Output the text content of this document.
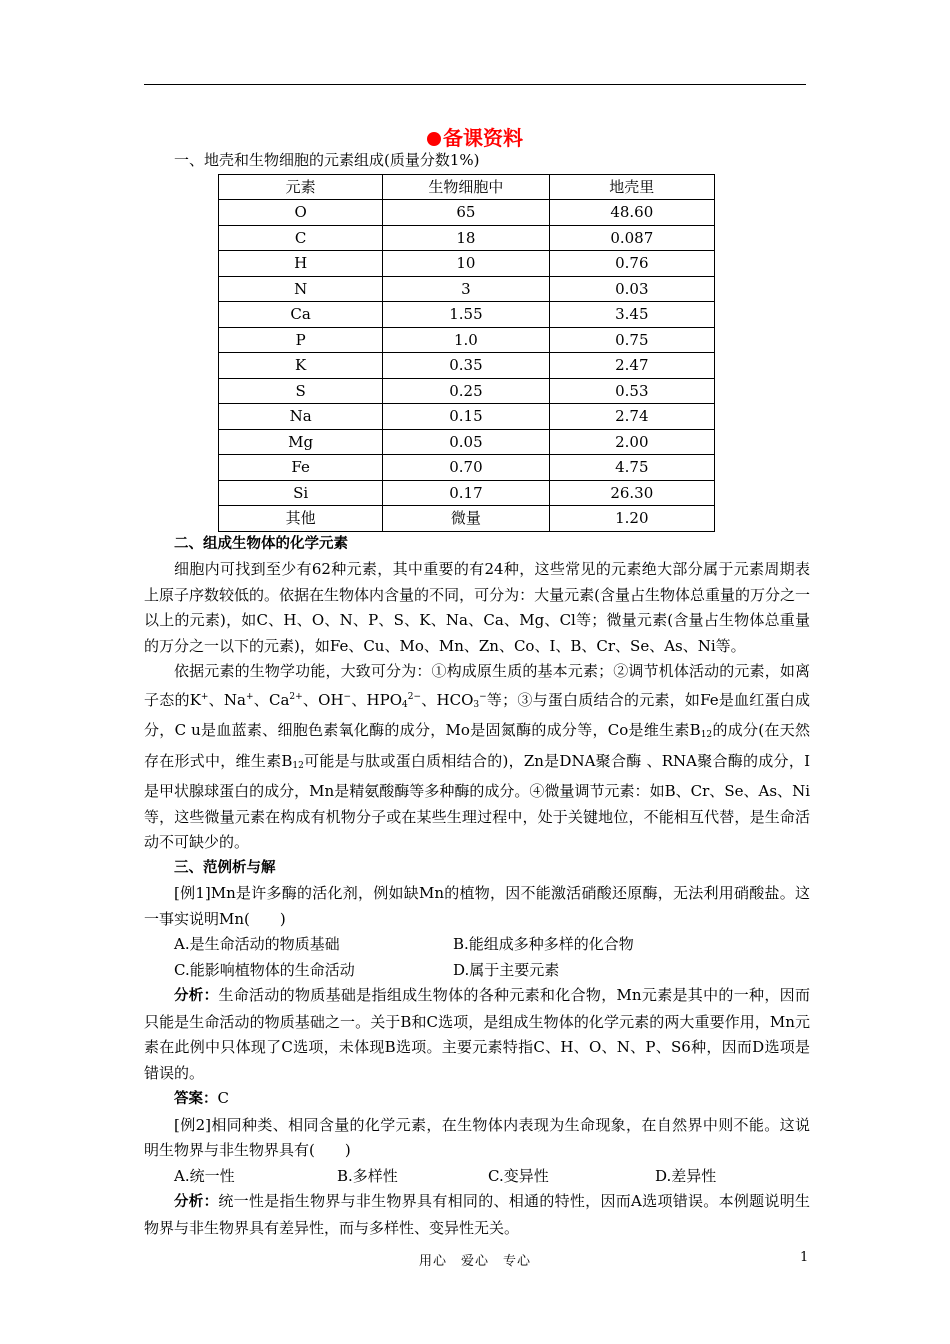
备课资料

一、地壳和生物细胞的元素组成(质量分数1%)

元素	生物细胞中	地壳里
O	65	48.60
C	18	0.087
H	10	0.76
N	3	0.03
Ca	1.55	3.45
P	1.0	0.75
K	0.35	2.47
S	0.25	0.53
Na	0.15	2.74
Mg	0.05	2.00
Fe	0.70	4.75
Si	0.17	26.30
其他	微量	1.20

二、组成生物体的化学元素

细胞内可找到至少有62种元素，其中重要的有24种，这些常见的元素绝大部分属于元素周期表上原子序数较低的。依据在生物体内含量的不同，可分为：大量元素(含量占生物体总重量的万分之一以上的元素)，如C、H、O、N、P、S、K、Na、Ca、Mg、Cl等；微量元素(含量占生物体总重量的万分之一以下的元素)，如Fe、Cu、Mo、Mn、Zn、Co、I、B、Cr、Se、As、Ni等。

依据元素的生物学功能，大致可分为：①构成原生质的基本元素；②调节机体活动的元素，如离子态的K+、Na+、$Ca^{2+}$、OH−、$HPO_4^{2-}$、$HCO_3^-$等；③与蛋白质结合的元素，如Fe是血红蛋白成分，C u是血蓝素、细胞色素氧化酶的成分，Mo是固氮酶的成分等，Co是维生素$B_{12}$的成分(在天然存在形式中，维生素$B_{12}$可能是与肽或蛋白质相结合的)，Zn是DNA聚合酶 、RNA聚合酶的成分，I是甲状腺球蛋白的成分，Mn是精氨酸酶等多种酶的成分。④微量调节元素：如B、Cr、Se、As、Ni等，这些微量元素在构成有机物分子或在某些生理过程中，处于关键地位，不能相互代替，是生命活动不可缺少的。

三、范例析与解

[例1]Mn是许多酶的活化剂，例如缺Mn的植物，因不能激活硝酸还原酶，无法利用硝酸盐。这一事实说明Mn(　　)

A.是生命活动的物质基础	B.能组成多种多样的化合物
C.能影响植物体的生命活动	D.属于主要元素

分析：生命活动的物质基础是指组成生物体的各种元素和化合物，Mn元素是其中的一种，因而只能是生命活动的物质基础之一。关于B和C选项，是组成生物体的化学元素的两大重要作用，Mn元素在此例中只体现了C选项，未体现B选项。主要元素特指C、H、O、N、P、S6种，因而D选项是错误的。

答案：C

[例2]相同种类、相同含量的化学元素，在生物体内表现为生命现象，在自然界中则不能。这说明生物界与非生物界具有(　　)

A.统一性	B.多样性	C.变异性	D.差异性

分析：统一性是指生物界与非生物界具有相同的、相通的特性，因而A选项错误。本例题说明生物界与非生物界具有差异性，而与多样性、变异性无关。

用心　爱心　专心	1
